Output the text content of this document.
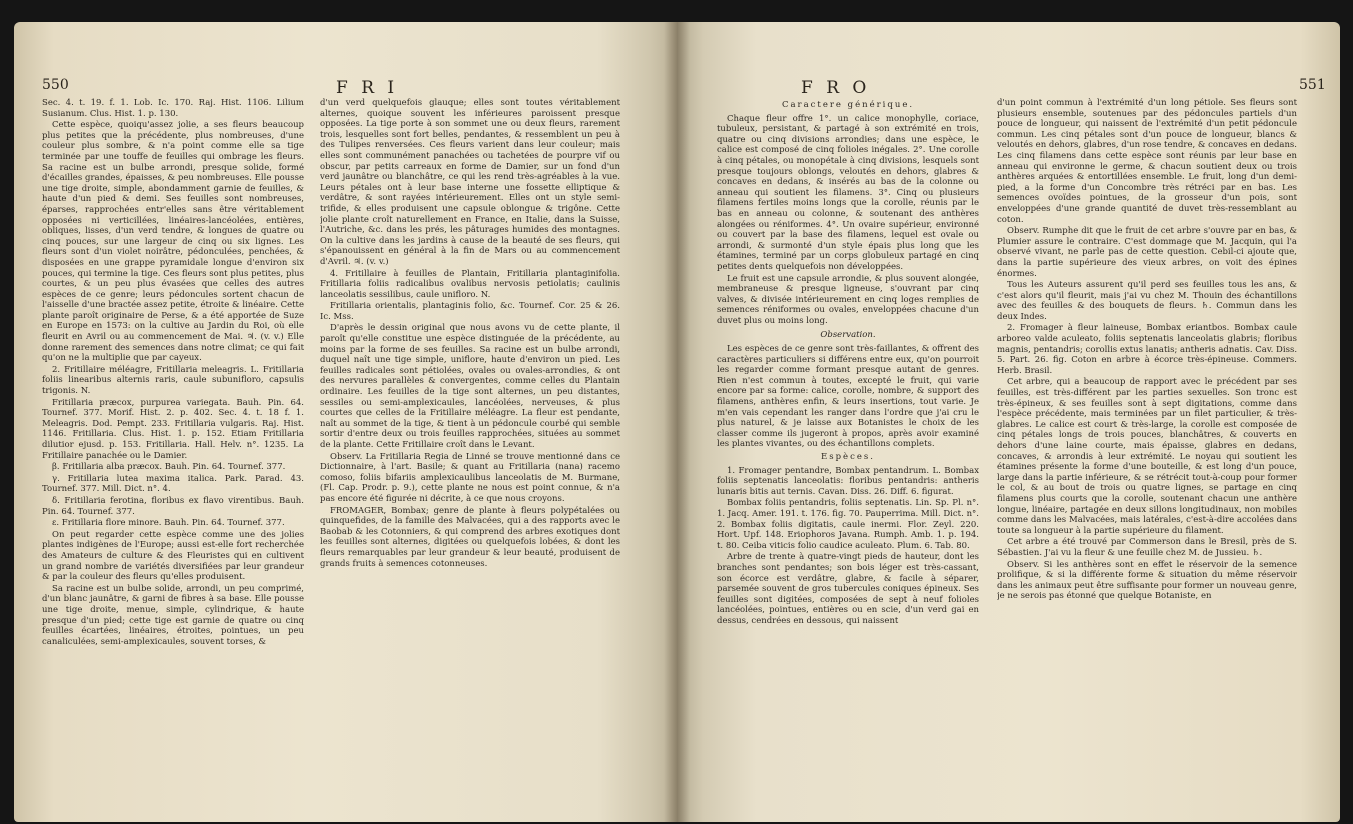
550	F R I

Sec. 4. t. 19. f. 1. Lob. Ic. 170. Raj. Hist. 1106. Lilium Susianum. Clus. Hist. 1. p. 130.

Cette espèce, quoiqu'assez jolie, a ses fleurs beaucoup plus petites que la précédente, plus nombreuses, d'une couleur plus sombre, & n'a point comme elle sa tige terminée par une touffe de feuilles qui ombrage les fleurs. Sa racine est un bulbe arrondi, presque solide, formé d'écailles grandes, épaisses, & peu nombreuses. Elle pousse une tige droite, simple, abondamment garnie de feuilles, & haute d'un pied & demi. Ses feuilles sont nombreuses, éparses, rapprochées entr'elles sans être véritablement opposées ni verticillées, linéaires-lancéolées, entières, obliques, lisses, d'un verd tendre, & longues de quatre ou cinq pouces, sur une largeur de cinq ou six lignes. Les fleurs sont d'un violet noirâtre, pédonculées, penchées, & disposées en une grappe pyramidale longue d'environ six pouces, qui termine la tige. Ces fleurs sont plus petites, plus courtes, & un peu plus évasées que celles des autres espèces de ce genre; leurs pédoncules sortent chacun de l'aisselle d'une bractée assez petite, étroite & linéaire. Cette plante paroît originaire de Perse, & a été apportée de Suze en Europe en 1573: on la cultive au Jardin du Roi, où elle fleurit en Avril ou au commencement de Mai. ♃. (v. v.) Elle donne rarement des semences dans notre climat; ce qui fait qu'on ne la multiplie que par cayeux.

2. Fritillaire méléagre, Fritillaria meleagris. L. Fritillaria foliis linearibus alternis raris, caule subunifloro, capsulis trigonis. N.

Fritillaria præcox, purpurea variegata. Bauh. Pin. 64. Tournef. 377. Morif. Hist. 2. p. 402. Sec. 4. t. 18 f. 1. Meleagris. Dod. Pempt. 233. Fritillaria vulgaris. Raj. Hist. 1146. Fritillaria. Clus. Hist. 1. p. 152. Etiam Fritillaria dilutior ejusd. p. 153. Fritillaria. Hall. Helv. n°. 1235. La Fritillaire panachée ou le Damier.

β. Fritillaria alba præcox. Bauh. Pin. 64. Tournef. 377.

γ. Fritillaria lutea maxima italica. Park. Parad. 43. Tournef. 377. Mill. Dict. n°. 4.

δ. Fritillaria ferotina, floribus ex flavo virentibus. Bauh. Pin. 64. Tournef. 377.

ε. Fritillaria flore minore. Bauh. Pin. 64. Tournef. 377.

On peut regarder cette espèce comme une des jolies plantes indigènes de l'Europe; aussi est-elle fort recherchée des Amateurs de culture & des Fleuristes qui en cultivent un grand nombre de variétés diversifiées par leur grandeur & par la couleur des fleurs qu'elles produisent.

Sa racine est un bulbe solide, arrondi, un peu comprimé, d'un blanc jaunâtre, & garni de fibres à sa base. Elle pousse une tige droite, menue, simple, cylindrique, & haute presque d'un pied; cette tige est garnie de quatre ou cinq feuilles écartées, linéaires, étroites, pointues, un peu canaliculées, semi-amplexicaules, souvent torses, &

d'un verd quelquefois glauque; elles sont toutes véritablement alternes, quoique souvent les inférieures paroissent presque opposées. La tige porte à son sommet une ou deux fleurs, rarement trois, lesquelles sont fort belles, pendantes, & ressemblent un peu à des Tulipes renversées. Ces fleurs varient dans leur couleur; mais elles sont communément panachées ou tachetées de pourpre vif ou obscur, par petits carreaux en forme de Damier, sur un fond d'un verd jaunâtre ou blanchâtre, ce qui les rend très-agréables à la vue. Leurs pétales ont à leur base interne une fossette elliptique & verdâtre, & sont rayées intérieurement. Elles ont un style semi-trifide, & elles produisent une capsule oblongue & trigône. Cette jolie plante croît naturellement en France, en Italie, dans la Suisse, l'Autriche, &c. dans les prés, les pâturages humides des montagnes. On la cultive dans les jardins à cause de la beauté de ses fleurs, qui s'épanouissent en général à la fin de Mars ou au commencement d'Avril. ♃. (v. v.)

4. Fritillaire à feuilles de Plantain, Fritillaria plantaginifolia. Fritillaria foliis radicalibus ovalibus nervosis petiolatis; caulinis lanceolatis sessilibus, caule unifloro. N.

Fritillaria orientalis, plantaginis folio, &c. Tournef. Cor. 25 & 26. Ic. Mss.

D'après le dessin original que nous avons vu de cette plante, il paroît qu'elle constitue une espèce distinguée de la précédente, au moins par la forme de ses feuilles. Sa racine est un bulbe arrondi, duquel naît une tige simple, uniflore, haute d'environ un pied. Les feuilles radicales sont pétiolées, ovales ou ovales-arrondies, & ont des nervures parallèles & convergentes, comme celles du Plantain ordinaire. Les feuilles de la tige sont alternes, un peu distantes, sessiles ou semi-amplexicaules, lancéolées, nerveuses, & plus courtes que celles de la Fritillaire méléagre. La fleur est pendante, naît au sommet de la tige, & tient à un pédoncule courbé qui semble sortir d'entre deux ou trois feuilles rapprochées, situées au sommet de la plante. Cette Fritillaire croît dans le Levant.

Observ. La Fritillaria Regia de Linné se trouve mentionné dans ce Dictionnaire, à l'art. Basile; & quant au Fritillaria (nana) racemo comoso, foliis bifariis amplexicaulibus lanceolatis de M. Burmane, (Fl. Cap. Prodr. p. 9.), cette plante ne nous est point connue, & n'a pas encore été figurée ni décrite, à ce que nous croyons.

FROMAGER, Bombax; genre de plante à fleurs polypétalées ou quinquefides, de la famille des Malvacées, qui a des rapports avec le Baobab & les Cotonniers, & qui comprend des arbres exotiques dont les feuilles sont alternes, digitées ou quelquefois lobées, & dont les fleurs remarquables par leur grandeur & leur beauté, produisent de grands fruits à semences cotonneuses.

F R O	551

Caractere générique.

Chaque fleur offre 1°. un calice monophylle, coriace, tubuleux, persistant, & partagé à son extrémité en trois, quatre ou cinq divisions arrondies; dans une espèce, le calice est composé de cinq folioles inégales. 2°. Une corolle à cinq pétales, ou monopétale à cinq divisions, lesquels sont presque toujours oblongs, veloutés en dehors, glabres & concaves en dedans, & insérés au bas de la colonne ou anneau qui soutient les filamens. 3°. Cinq ou plusieurs filamens fertiles moins longs que la corolle, réunis par le bas en anneau ou colonne, & soutenant des anthères alongées ou réniformes. 4°. Un ovaire supérieur, environné ou couvert par la base des filamens, lequel est ovale ou arrondi, & surmonté d'un style épais plus long que les étamines, terminé par un corps globuleux partagé en cinq petites dents quelquefois non développées.

Le fruit est une capsule arrondie, & plus souvent alongée, membraneuse & presque ligneuse, s'ouvrant par cinq valves, & divisée intérieurement en cinq loges remplies de semences réniformes ou ovales, enveloppées chacune d'un duvet plus ou moins long.

Observation.

Les espèces de ce genre sont très-faillantes, & offrent des caractères particuliers si différens entre eux, qu'on pourroit les regarder comme formant presque autant de genres. Rien n'est commun à toutes, excepté le fruit, qui varie encore par sa forme: calice, corolle, nombre, & support des filamens, anthères enfin, & leurs insertions, tout varie. Je m'en vais cependant les ranger dans l'ordre que j'ai cru le plus naturel, & je laisse aux Botanistes le choix de les classer comme ils jugeront à propos, après avoir examiné les plantes vivantes, ou des échantillons complets.

Espèces.

1. Fromager pentandre, Bombax pentandrum. L. Bombax foliis septenatis lanceolatis: floribus pentandris: antheris lunaris bitis aut ternis. Cavan. Diss. 26. Diff. 6. figurat.

Bombax foliis pentandris, foliis septenatis. Lin. Sp. Pl. n°. 1. Jacq. Amer. 191. t. 176. fig. 70. Pauperrima. Mill. Dict. n°. 2. Bombax foliis digitatis, caule inermi. Flor. Zeyl. 220. Hort. Upf. 148. Eriophoros Javana. Rumph. Amb. 1. p. 194. t. 80. Ceiba viticis folio caudice aculeato. Plum. 6. Tab. 80.

Arbre de trente à quatre-vingt pieds de hauteur, dont les branches sont pendantes; son bois léger est très-cassant, son écorce est verdâtre, glabre, & facile à séparer, parsemée souvent de gros tubercules coniques épineux. Ses feuilles sont digitées, composées de sept à neuf folioles lancéolées, pointues, entières ou en scie, d'un verd gai en dessus, cendrées en dessous, qui naissent

d'un point commun à l'extrémité d'un long pétiole. Ses fleurs sont plusieurs ensemble, soutenues par des pédoncules partiels d'un pouce de longueur, qui naissent de l'extrémité d'un petit pédoncule commun. Les cinq pétales sont d'un pouce de longueur, blancs & veloutés en dehors, glabres, d'un rose tendre, & concaves en dedans. Les cinq filamens dans cette espèce sont réunis par leur base en anneau qui environne le germe, & chacun soutient deux ou trois anthères arquées & entortillées ensemble. Le fruit, long d'un demi-pied, a la forme d'un Concombre très rétréci par en bas. Les semences ovoïdes pointues, de la grosseur d'un pois, sont enveloppées d'une grande quantité de duvet très-ressemblant au coton.

Observ. Rumphe dit que le fruit de cet arbre s'ouvre par en bas, & Plumier assure le contraire. C'est dommage que M. Jacquin, qui l'a observé vivant, ne parle pas de cette question. Cebil-ci ajoute que, dans la partie supérieure des vieux arbres, on voit des épines énormes.

Tous les Auteurs assurent qu'il perd ses feuilles tous les ans, & c'est alors qu'il fleurit, mais j'ai vu chez M. Thouin des échantillons avec des feuilles & des bouquets de fleurs. ♄. Commun dans les deux Indes.

2. Fromager à fleur laineuse, Bombax eriantbos. Bombax caule arboreo valde aculeato, foliis septenatis lanceolatis glabris; floribus magnis, pentandris; corollis extus lanatis; antheris adnatis. Cav. Diss. 5. Part. 26. fig. Coton en arbre à écorce très-épineuse. Commers. Herb. Brasil.

Cet arbre, qui a beaucoup de rapport avec le précédent par ses feuilles, est très-différent par les parties sexuelles. Son tronc est très-épineux, & ses feuilles sont à sept digitations, comme dans l'espèce précédente, mais terminées par un filet particulier, & très-glabres. Le calice est court & très-large, la corolle est composée de cinq pétales longs de trois pouces, blanchâtres, & couverts en dehors d'une laine courte, mais épaisse, glabres en dedans, concaves, & arrondis à leur extrémité. Le noyau qui soutient les étamines présente la forme d'une bouteille, & est long d'un pouce, large dans la partie inférieure, & se rétrécit tout-à-coup pour former le col, & au bout de trois ou quatre lignes, se partage en cinq filamens plus courts que la corolle, soutenant chacun une anthère longue, linéaire, partagée en deux sillons longitudinaux, non mobiles comme dans les Malvacées, mais latérales, c'est-à-dire accolées dans toute sa longueur à la partie supérieure du filament.

Cet arbre a été trouvé par Commerson dans le Bresil, près de S. Sébastien. J'ai vu la fleur & une feuille chez M. de Jussieu. ♄.

Observ. Si les anthères sont en effet le réservoir de la semence prolifique, & si la différente forme & situation du même réservoir dans les animaux peut être suffisante pour former un nouveau genre, je ne serois pas étonné que quelque Botaniste, en
